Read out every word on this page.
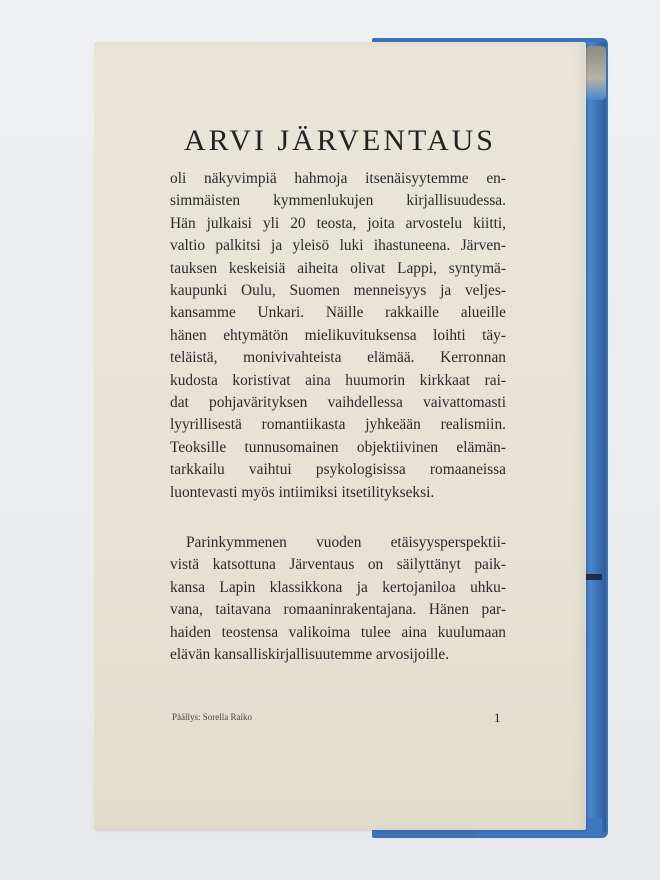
ARVI JÄRVENTAUS

oli näkyvimpiä hahmoja itsenäisyytemme en-
simmäisten kymmenlukujen kirjallisuudessa.
Hän julkaisi yli 20 teosta, joita arvostelu kiitti,
valtio palkitsi ja yleisö luki ihastuneena. Järven-
tauksen keskeisiä aiheita olivat Lappi, syntymä-
kaupunki Oulu, Suomen menneisyys ja veljes-
kansamme Unkari. Näille rakkaille alueille
hänen ehtymätön mielikuvituksensa loihti täy-
teläistä, monivivahteista elämää. Kerronnan
kudosta koristivat aina huumorin kirkkaat rai-
dat pohjavärityksen vaihdellessa vaivattomasti
lyyrillisestä romantiikasta jyhkeään realismiin.
Teoksille tunnusomainen objektiivinen elämän-
tarkkailu vaihtui psykologisissa romaaneissa
luontevasti myös intiimiksi itsetilitykseksi.

Parinkymmenen vuoden etäisyysperspektii-
vistä katsottuna Järventaus on säilyttänyt paik-
kansa Lapin klassikkona ja kertojaniloa uhku-
vana, taitavana romaaninrakentajana. Hänen par-
haiden teostensa valikoima tulee aina kuulumaan
elävän kansalliskirjallisuutemme arvosijoille.

Päällys: Sorella Raiko	1
